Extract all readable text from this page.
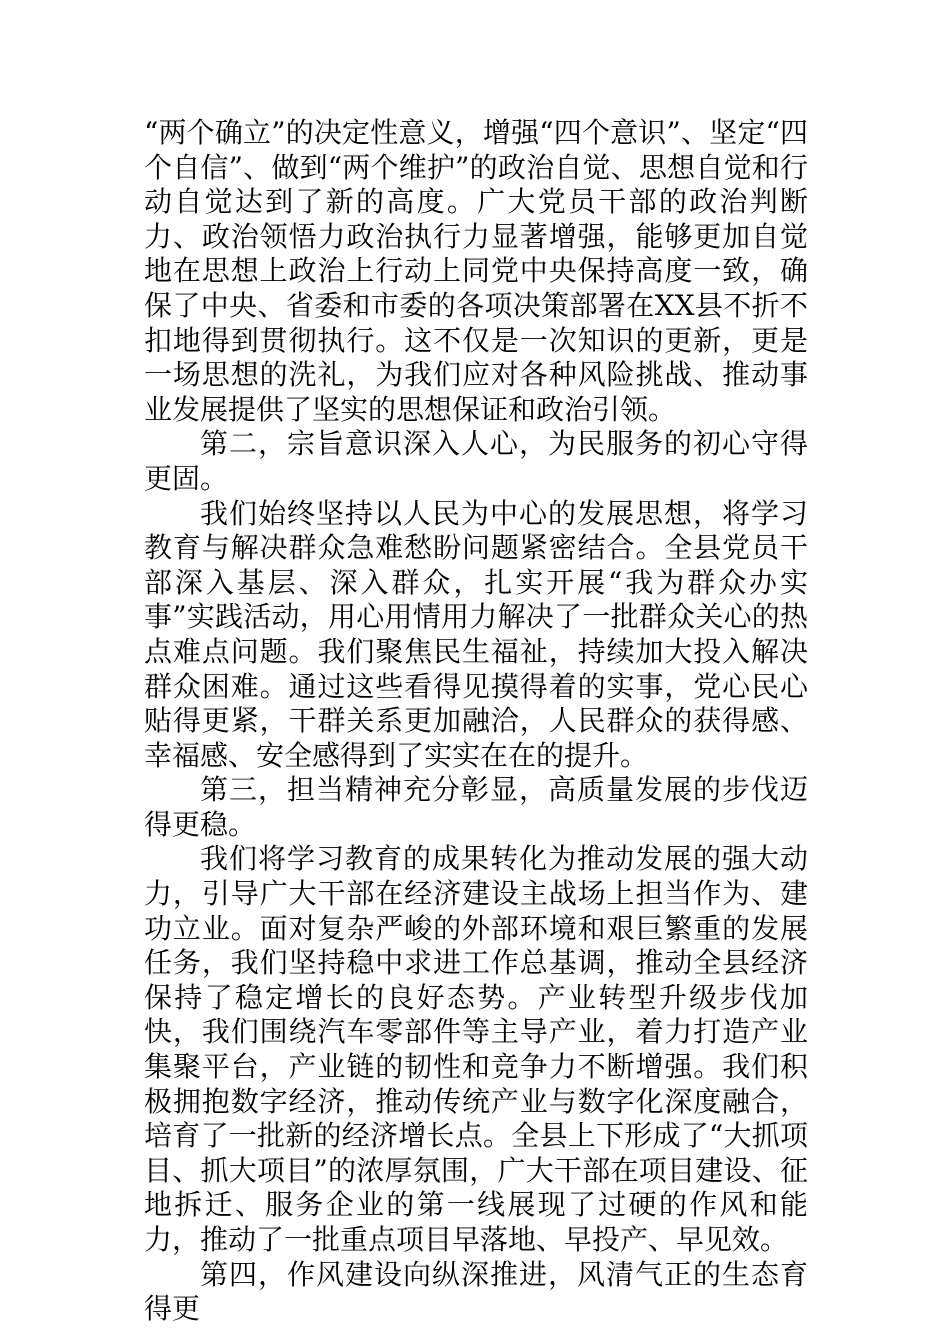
“两个确立”的决定性意义，增强“四个意识”、坚定“四个自信”、做到“两个维护”的政治自觉、思想自觉和行动自觉达到了新的高度。广大党员干部的政治判断力、政治领悟力政治执行力显著增强，能够更加自觉地在思想上政治上行动上同党中央保持高度一致，确保了中央、省委和市委的各项决策部署在XX县不折不扣地得到贯彻执行。这不仅是一次知识的更新，更是一场思想的洗礼，为我们应对各种风险挑战、推动事业发展提供了坚实的思想保证和政治引领。

第二，宗旨意识深入人心，为民服务的初心守得更固。

我们始终坚持以人民为中心的发展思想，将学习教育与解决群众急难愁盼问题紧密结合。全县党员干部深入基层、深入群众，扎实开展“我为群众办实事”实践活动，用心用情用力解决了一批群众关心的热点难点问题。我们聚焦民生福祉，持续加大投入解决群众困难。通过这些看得见摸得着的实事，党心民心贴得更紧，干群关系更加融洽，人民群众的获得感、幸福感、安全感得到了实实在在的提升。

第三，担当精神充分彰显，高质量发展的步伐迈得更稳。

我们将学习教育的成果转化为推动发展的强大动力，引导广大干部在经济建设主战场上担当作为、建功立业。面对复杂严峻的外部环境和艰巨繁重的发展任务，我们坚持稳中求进工作总基调，推动全县经济保持了稳定增长的良好态势。产业转型升级步伐加快，我们围绕汽车零部件等主导产业，着力打造产业集聚平台，产业链的韧性和竞争力不断增强。我们积极拥抱数字经济，推动传统产业与数字化深度融合，培育了一批新的经济增长点。全县上下形成了“大抓项目、抓大项目”的浓厚氛围，广大干部在项目建设、征地拆迁、服务企业的第一线展现了过硬的作风和能力，推动了一批重点项目早落地、早投产、早见效。

第四，作风建设向纵深推进，风清气正的生态育得更
